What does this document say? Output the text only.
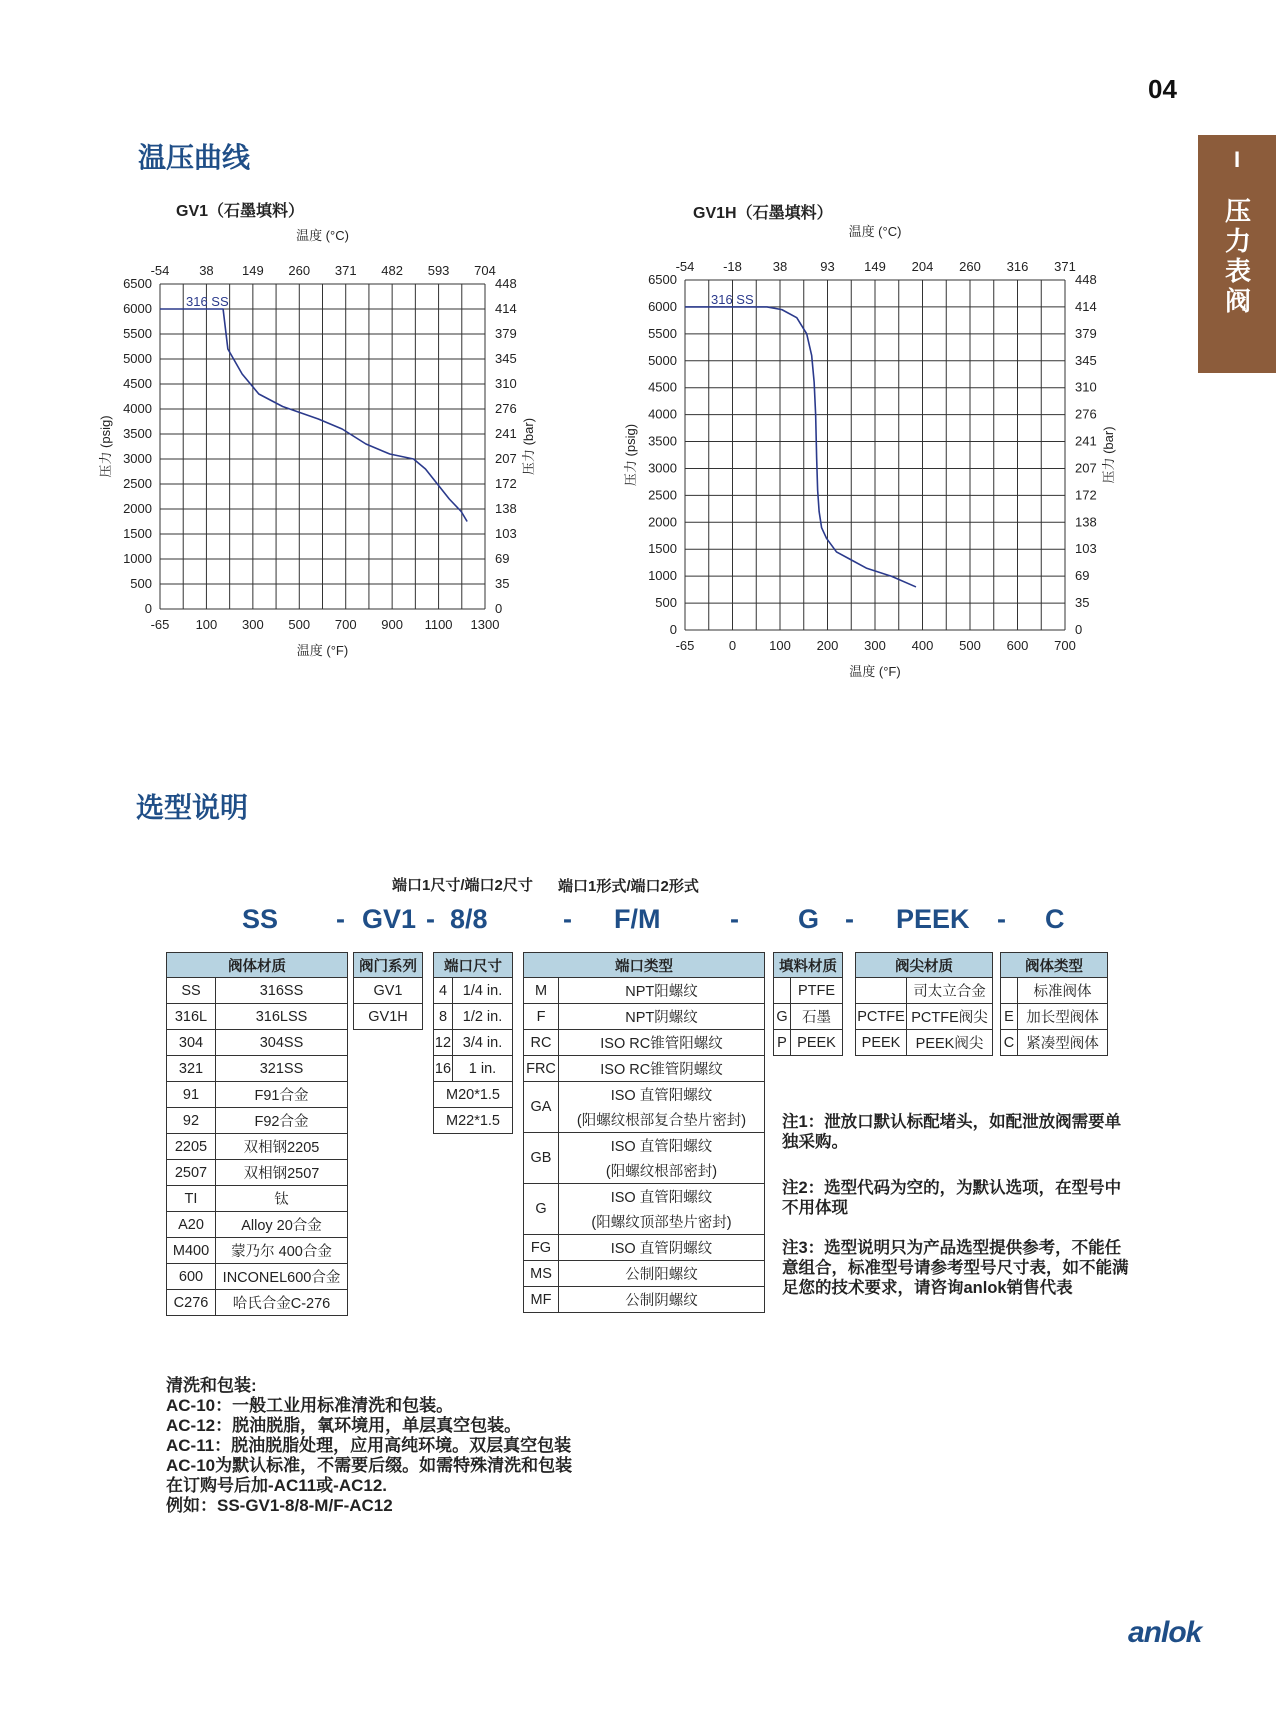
04
I
压力表阀
温压曲线
GV1（石墨填料）	GV1H（石墨填料）
-65 100 300 500 700 900 1100 1300
-54 38 149 260 371 482 593 704
0
500
1000
1500
2000
2500
3000
3500
4000
4500
5000
5500
6000
6500
0
35
69
103
138
172
207
241
276
310
345
379
414
448
温度 (°C)
温度 (°F)
压力 (psig)	压力 (bar)
316 SS
-65	0	100 200 300 400 500 600 700
-54 -18 38	93 149 204 260 316 371
0
500
1000
1500
2000
2500
3000
3500
4000
4500
5000
5500
6000
6500
0
35
69
103
138
172
207
241
276
310
345
379
414
448
温度 (°C)
温度 (°F)
压力 (psig)	压力 (bar)
316 SS
选型说明
端口1尺寸/端口2尺寸 端口1形式/端口2形式
SS - GV1 - 8/8	- F/M	- G - PEEK - C
阀体材质	
SS	316SS
316L	316LSS
304	304SS
321	321SS
91	F91合金
92	F92合金
2205	双相钢2205
2507	双相钢2507
TI	钛
A20	Alloy 20合金
M400	蒙乃尔 400合金
600	INCONEL600合金
C276	哈氏合金C-276
阀门系列
GV1
GV1H
端口尺寸	
4	1/4 in.
8	1/2 in.
12	3/4 in.
16	1 in.
M20*1.5	
M22*1.5	
端口类型	
M	NPT阳螺纹
F	NPT阴螺纹
RC	ISO RC锥管阳螺纹
FRC	ISO RC锥管阴螺纹
GA	ISO 直管阳螺纹
	(阳螺纹根部复合垫片密封)
GB	ISO 直管阳螺纹
	(阳螺纹根部密封)
G	ISO 直管阳螺纹
	(阳螺纹顶部垫片密封)
FG	ISO 直管阴螺纹
MS	公制阳螺纹
MF	公制阴螺纹
填料材质	
	PTFE
G	石墨
P	PEEK
阀尖材质	
	司太立合金
PCTFE	PCTFE阀尖
PEEK	PEEK阀尖
阀体类型	
	标准阀体
E	加长型阀体
C	紧凑型阀体
注1：泄放口默认标配堵头，如配泄放阀需要单独采购。
注2：选型代码为空的，为默认选项，在型号中不用体现
注3：选型说明只为产品选型提供参考，不能任意组合，标准型号请参考型号尺寸表，如不能满足您的技术要求，请咨询anlok销售代表
清洗和包装:
AC-10：一般工业用标准清洗和包装。
AC-12：脱油脱脂，氧环境用，单层真空包装。
AC-11：脱油脱脂处理，应用高纯环境。双层真空包装
AC-10为默认标准，不需要后缀。如需特殊清洗和包装
在订购号后加-AC11或-AC12.
例如：SS-GV1-8/8-M/F-AC12
anlok
